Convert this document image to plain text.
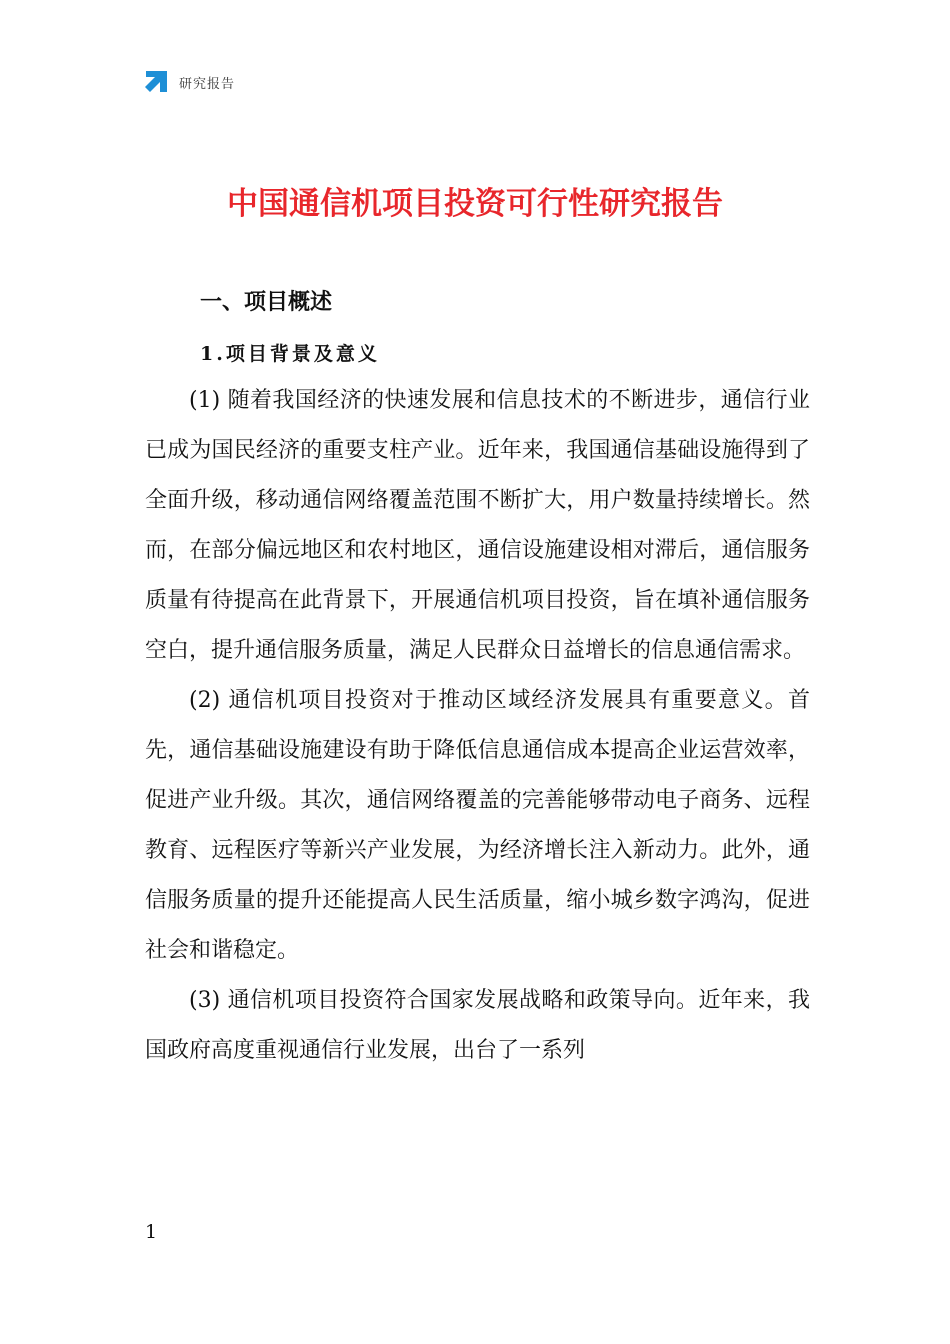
研究报告
中国通信机项目投资可行性研究报告
一、项目概述
1.项目背景及意义

(1) 随着我国经济的快速发展和信息技术的不断进步，通信行业已成为国民经济的重要支柱产业。近年来，我国通信基础设施得到了全面升级，移动通信网络覆盖范围不断扩大，用户数量持续增长。然而，在部分偏远地区和农村地区，通信设施建设相对滞后，通信服务质量有待提高在此背景下，开展通信机项目投资，旨在填补通信服务空白，提升通信服务质量，满足人民群众日益增长的信息通信需求。

(2) 通信机项目投资对于推动区域经济发展具有重要意义。首先，通信基础设施建设有助于降低信息通信成本提高企业运营效率，促进产业升级。其次，通信网络覆盖的完善能够带动电子商务、远程教育、远程医疗等新兴产业发展，为经济增长注入新动力。此外，通信服务质量的提升还能提高人民生活质量，缩小城乡数字鸿沟，促进社会和谐稳定。

(3) 通信机项目投资符合国家发展战略和政策导向。近年来，我国政府高度重视通信行业发展，出台了一系列

1
